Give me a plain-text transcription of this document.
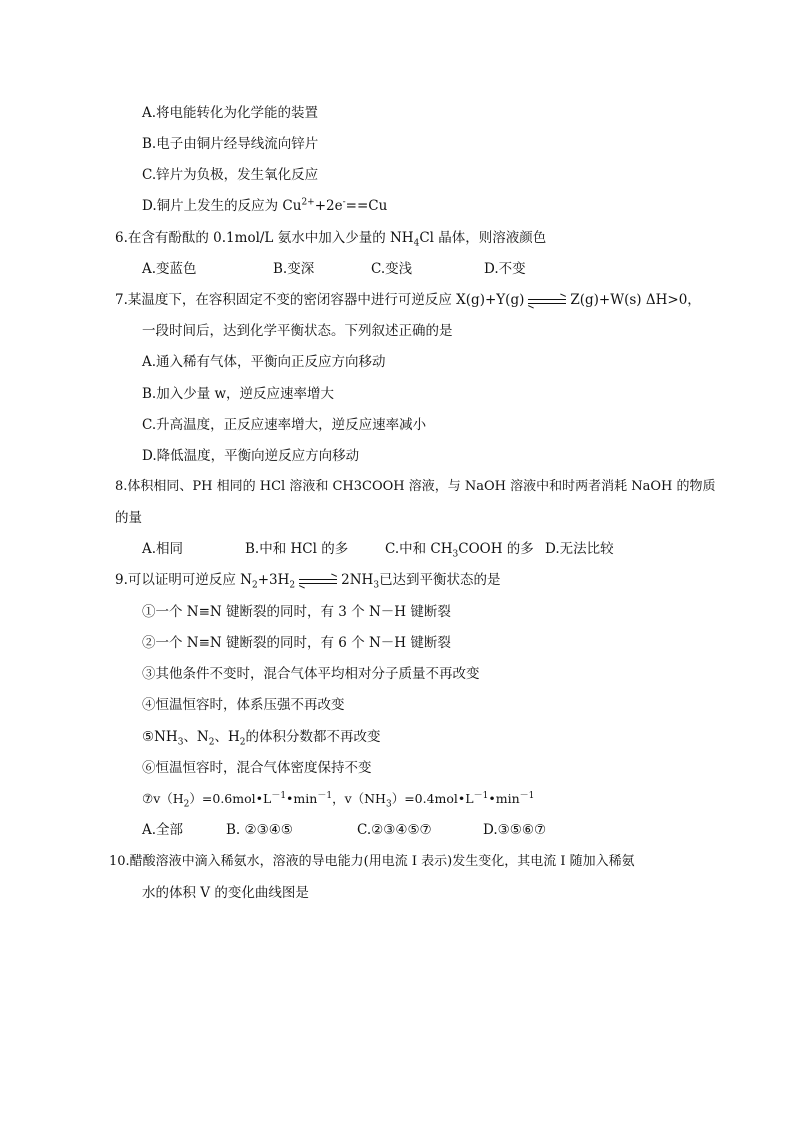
A.将电能转化为化学能的装置
B.电子由铜片经导线流向锌片
C.锌片为负极，发生氧化反应
D.铜片上发生的反应为 $Cu^{2+}+2e^-==Cu$
6.在含有酚酞的 0.1mol/L 氨水中加入少量的 $NH_4Cl$ 晶体，则溶液颜色
A.变蓝色	B.变深	C.变浅	D.不变
7.某温度下，在容积固定不变的密闭容器中进行可逆反应 X(g)+Y(g) → Z(g)+W(s) ΔH>0，
一段时间后，达到化学平衡状态。下列叙述正确的是
A.通入稀有气体，平衡向正反应方向移动
B.加入少量 w，逆反应速率增大
C.升高温度，正反应速率增大，逆反应速率减小
D.降低温度，平衡向逆反应方向移动
8.体积相同、PH 相同的 HCl 溶液和 CH3COOH 溶液，与 NaOH 溶液中和时两者消耗 NaOH 的物质
的量
A.相同	B.中和 HCl 的多	C.中和 $CH_3COOH$ 的多 D.无法比较
9.可以证明可逆反应 $N_2+3H_2 \to 2NH_3$已达到平衡状态的是
①一个 N≡N 键断裂的同时，有 3 个 N－H 键断裂
②一个 N≡N 键断裂的同时，有 6 个 N－H 键断裂
③其他条件不变时，混合气体平均相对分子质量不再改变
④恒温恒容时，体系压强不再改变
$⑤NH_3$、$N_2$、$H_2$的体积分数都不再改变
⑥恒温恒容时，混合气体密度保持不变
$⑦v(H_2)=0.6mol•L^{-1}•\min^{-1}$，$v(NH_3)=0.4mol•L^{-1}•\min^{-1}$
A.全部	B. ②③④⑤	C.②③④⑤⑦	D.③⑤⑥⑦
10.醋酸溶液中滴入稀氨水，溶液的导电能力(用电流 I 表示)发生变化，其电流 I 随加入稀氨
水的体积 V 的变化曲线图是
